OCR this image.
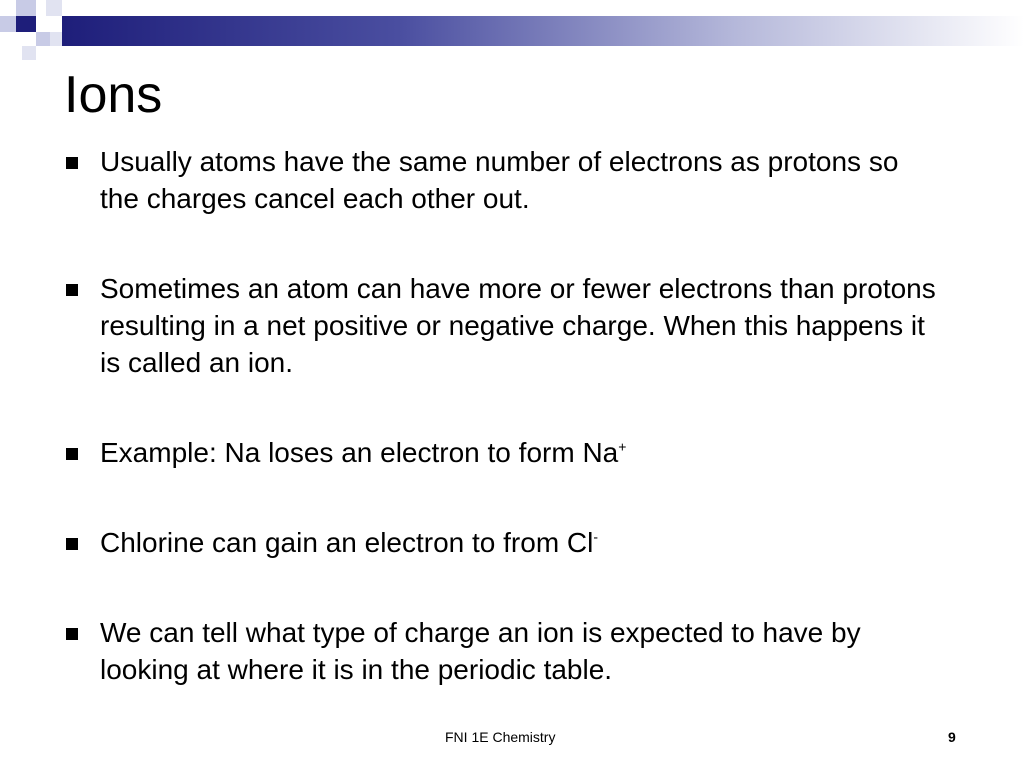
Ions
Usually atoms have the same number of electrons as protons so the charges cancel each other out.
Sometimes an atom can have more or fewer electrons than protons resulting in a net positive or negative charge. When this happens it is called an ion.
Example: Na loses an electron to form Na+
Chlorine can gain an electron to from Cl-
We can tell what type of charge an ion is expected to have by looking at where it is in the periodic table.
FNI 1E Chemistry	9
